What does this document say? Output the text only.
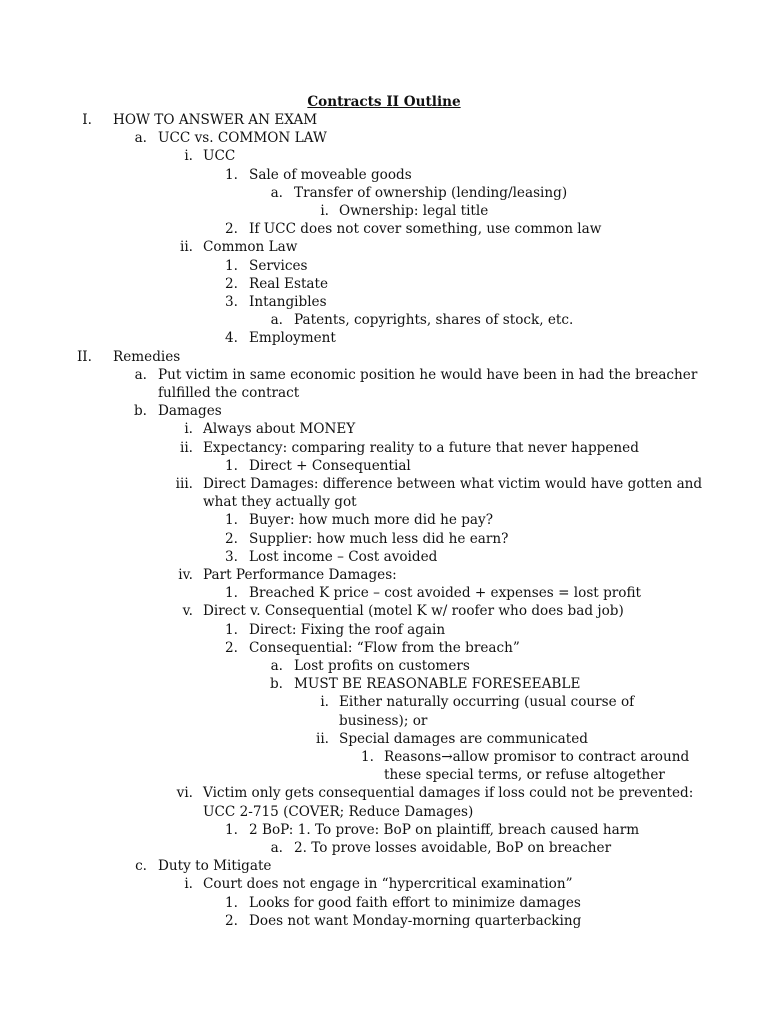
Contracts II Outline
I. HOW TO ANSWER AN EXAM
a. UCC vs. COMMON LAW
i. UCC
1. Sale of moveable goods
a. Transfer of ownership (lending/leasing)
i. Ownership: legal title
2. If UCC does not cover something, use common law
ii. Common Law
1. Services
2. Real Estate
3. Intangibles
a. Patents, copyrights, shares of stock, etc.
4. Employment
II. Remedies
a. Put victim in same economic position he would have been in had the breacher
fulfilled the contract
b. Damages
i. Always about MONEY
ii. Expectancy: comparing reality to a future that never happened
1. Direct + Consequential
iii. Direct Damages: difference between what victim would have gotten and
what they actually got
1. Buyer: how much more did he pay?
2. Supplier: how much less did he earn?
3. Lost income – Cost avoided
iv. Part Performance Damages:
1. Breached K price – cost avoided + expenses = lost profit
v. Direct v. Consequential (motel K w/ roofer who does bad job)
1. Direct: Fixing the roof again
2. Consequential: “Flow from the breach”
a. Lost profits on customers
b. MUST BE REASONABLE FORESEEABLE
i. Either naturally occurring (usual course of
business); or
ii. Special damages are communicated
1. Reasons→allow promisor to contract around
these special terms, or refuse altogether
vi. Victim only gets consequential damages if loss could not be prevented:
UCC 2-715 (COVER; Reduce Damages)
1. 2 BoP: 1. To prove: BoP on plaintiff, breach caused harm
a. 2. To prove losses avoidable, BoP on breacher
c. Duty to Mitigate
i. Court does not engage in “hypercritical examination”
1. Looks for good faith effort to minimize damages
2. Does not want Monday-morning quarterbacking
